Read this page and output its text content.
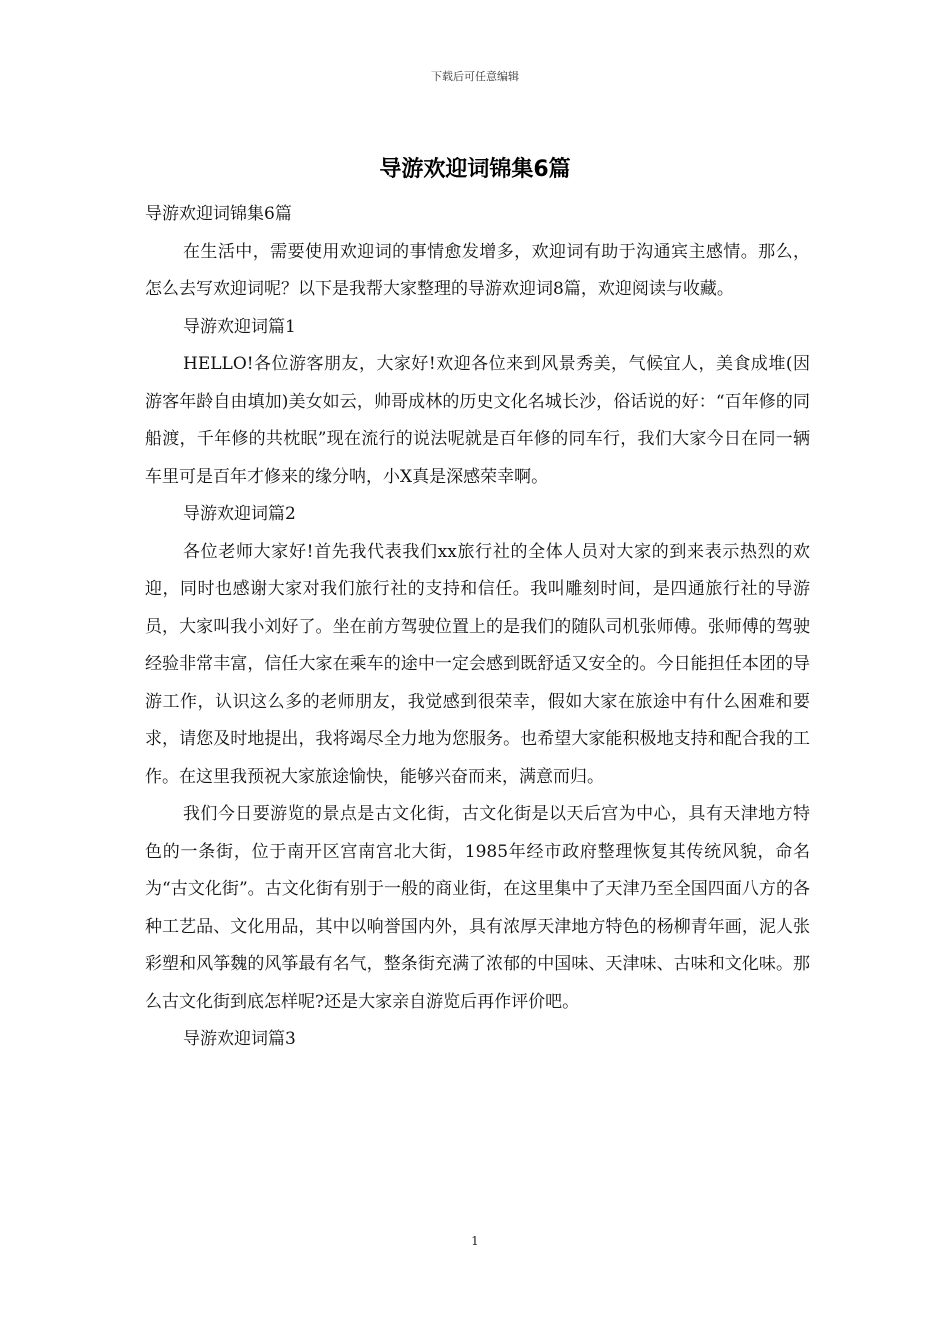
下载后可任意编辑
导游欢迎词锦集6篇

导游欢迎词锦集6篇

在生活中，需要使用欢迎词的事情愈发增多，欢迎词有助于沟通宾主感情。那么，怎么去写欢迎词呢？以下是我帮大家整理的导游欢迎词8篇，欢迎阅读与收藏。

导游欢迎词篇1

HELLO!各位游客朋友，大家好!欢迎各位来到风景秀美，气候宜人，美食成堆(因游客年龄自由填加)美女如云，帅哥成林的历史文化名城长沙，俗话说的好：“百年修的同船渡，千年修的共枕眠”现在流行的说法呢就是百年修的同车行，我们大家今日在同一辆车里可是百年才修来的缘分呐，小X真是深感荣幸啊。

导游欢迎词篇2

各位老师大家好!首先我代表我们xx旅行社的全体人员对大家的到来表示热烈的欢迎，同时也感谢大家对我们旅行社的支持和信任。我叫雕刻时间，是四通旅行社的导游员，大家叫我小刘好了。坐在前方驾驶位置上的是我们的随队司机张师傅。张师傅的驾驶经验非常丰富，信任大家在乘车的途中一定会感到既舒适又安全的。今日能担任本团的导游工作，认识这么多的老师朋友，我觉感到很荣幸，假如大家在旅途中有什么困难和要求，请您及时地提出，我将竭尽全力地为您服务。也希望大家能积极地支持和配合我的工作。在这里我预祝大家旅途愉快，能够兴奋而来，满意而归。

我们今日要游览的景点是古文化街，古文化街是以天后宫为中心，具有天津地方特色的一条街，位于南开区宫南宫北大街，1985年经市政府整理恢复其传统风貌，命名为“古文化街”。古文化街有别于一般的商业街，在这里集中了天津乃至全国四面八方的各种工艺品、文化用品，其中以响誉国内外，具有浓厚天津地方特色的杨柳青年画，泥人张彩塑和风筝魏的风筝最有名气，整条街充满了浓郁的中国味、天津味、古味和文化味。那么古文化街到底怎样呢?还是大家亲自游览后再作评价吧。

导游欢迎词篇3

1
